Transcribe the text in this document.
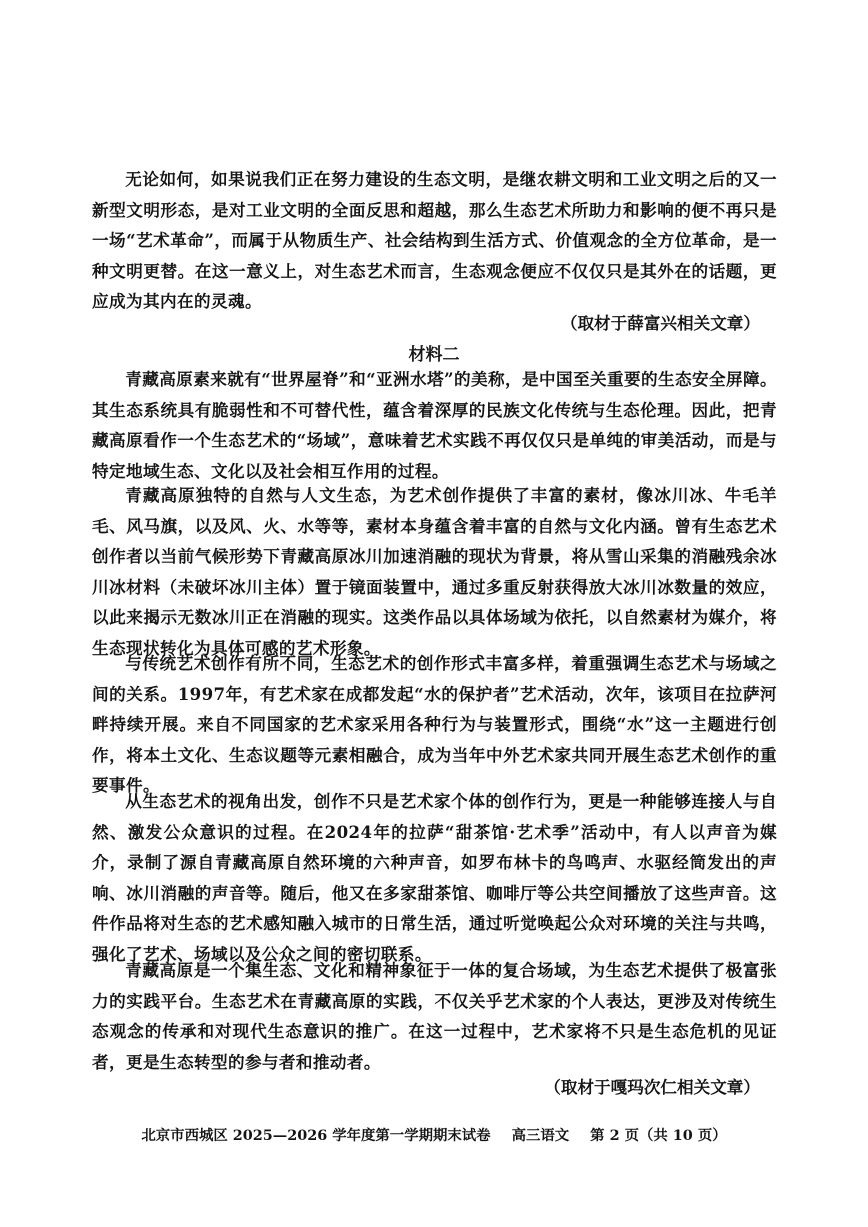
无论如何，如果说我们正在努力建设的生态文明，是继农耕文明和工业文明之后的又一新型文明形态，是对工业文明的全面反思和超越，那么生态艺术所助力和影响的便不再只是一场“艺术革命”，而属于从物质生产、社会结构到生活方式、价值观念的全方位革命，是一种文明更替。在这一意义上，对生态艺术而言，生态观念便应不仅仅只是其外在的话题，更应成为其内在的灵魂。

（取材于薛富兴相关文章）

材料二

青藏高原素来就有“世界屋脊”和“亚洲水塔”的美称，是中国至关重要的生态安全屏障。其生态系统具有脆弱性和不可替代性，蕴含着深厚的民族文化传统与生态伦理。因此，把青藏高原看作一个生态艺术的“场域”，意味着艺术实践不再仅仅只是单纯的审美活动，而是与特定地域生态、文化以及社会相互作用的过程。

青藏高原独特的自然与人文生态，为艺术创作提供了丰富的素材，像冰川冰、牛毛羊毛、风马旗，以及风、火、水等等，素材本身蕴含着丰富的自然与文化内涵。曾有生态艺术创作者以当前气候形势下青藏高原冰川加速消融的现状为背景，将从雪山采集的消融残余冰川冰材料（未破坏冰川主体）置于镜面装置中，通过多重反射获得放大冰川冰数量的效应，以此来揭示无数冰川正在消融的现实。这类作品以具体场域为依托，以自然素材为媒介，将生态现状转化为具体可感的艺术形象。

与传统艺术创作有所不同，生态艺术的创作形式丰富多样，着重强调生态艺术与场域之间的关系。1997年，有艺术家在成都发起“水的保护者”艺术活动，次年，该项目在拉萨河畔持续开展。来自不同国家的艺术家采用各种行为与装置形式，围绕“水”这一主题进行创作，将本土文化、生态议题等元素相融合，成为当年中外艺术家共同开展生态艺术创作的重要事件。

从生态艺术的视角出发，创作不只是艺术家个体的创作行为，更是一种能够连接人与自然、激发公众意识的过程。在2024年的拉萨“甜茶馆·艺术季”活动中，有人以声音为媒介，录制了源自青藏高原自然环境的六种声音，如罗布林卡的鸟鸣声、水驱经筒发出的声响、冰川消融的声音等。随后，他又在多家甜茶馆、咖啡厅等公共空间播放了这些声音。这件作品将对生态的艺术感知融入城市的日常生活，通过听觉唤起公众对环境的关注与共鸣，强化了艺术、场域以及公众之间的密切联系。

青藏高原是一个集生态、文化和精神象征于一体的复合场域，为生态艺术提供了极富张力的实践平台。生态艺术在青藏高原的实践，不仅关乎艺术家的个人表达，更涉及对传统生态观念的传承和对现代生态意识的推广。在这一过程中，艺术家将不只是生态危机的见证者，更是生态转型的参与者和推动者。

（取材于嘎玛次仁相关文章）

北京市西城区 2025—2026 学年度第一学期期末试卷 高三语文 第 2 页（共 10 页）
